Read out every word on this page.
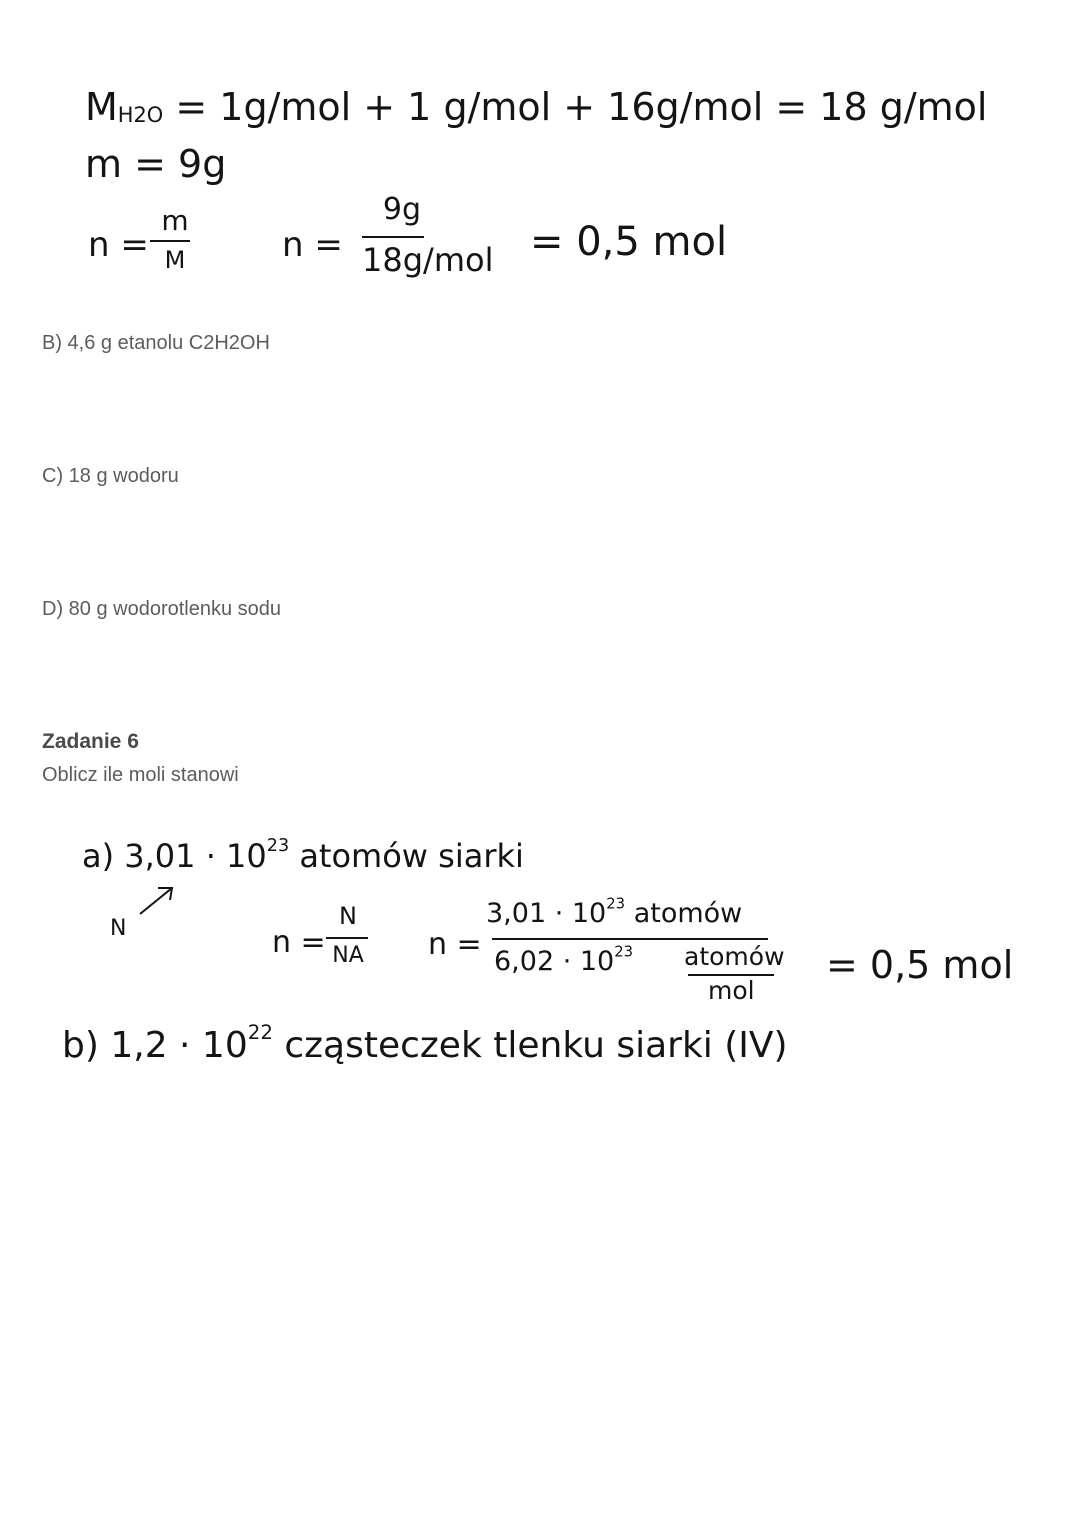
$M_{H2O} = 1g/mol + 1$ g/mol + 16g/mol = 18 g/mol
m = 9g
n =
m
M	n =
9g
18g/mol = 0,5 mol
B) 4,6 g etanolu C2H2OH
C) 18 g wodoru
D) 80 g wodorotlenku sodu
Zadanie 6
Oblicz ile moli stanowi
a) $3,01 \cdot 10^{23}$ atomów siarki
N	n =
N
NA n =
$3,01 \cdot 10^{23}$ atomów
$6,02 \cdot 10^{23}$ atomów
mol
= 0,5 mol
b) $1,2 \cdot 10^{22}$ cząsteczek tlenku siarki (IV)
